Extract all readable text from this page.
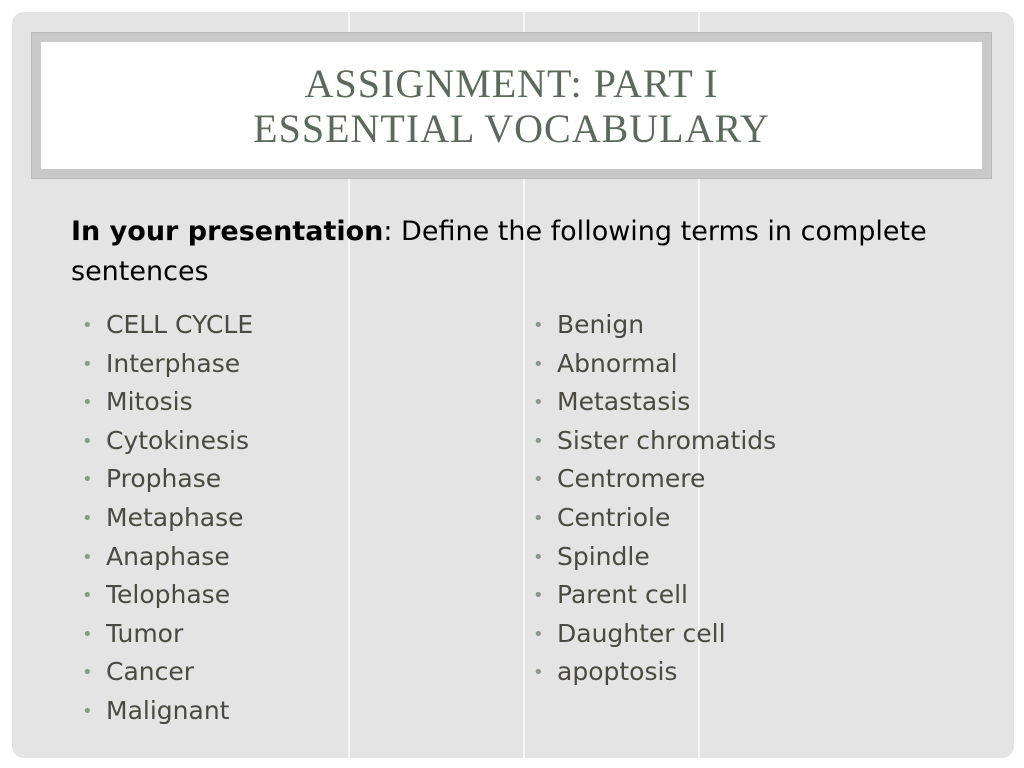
ASSIGNMENT: PART I
ESSENTIAL VOCABULARY
In your presentation: Define the following terms in complete sentences
• CELL CYCLE
• Interphase
• Mitosis
• Cytokinesis
• Prophase
• Metaphase
• Anaphase
• Telophase
• Tumor
• Cancer
• Malignant
• Benign
• Abnormal
• Metastasis
• Sister chromatids
• Centromere
• Centriole
• Spindle
• Parent cell
• Daughter cell
• apoptosis
